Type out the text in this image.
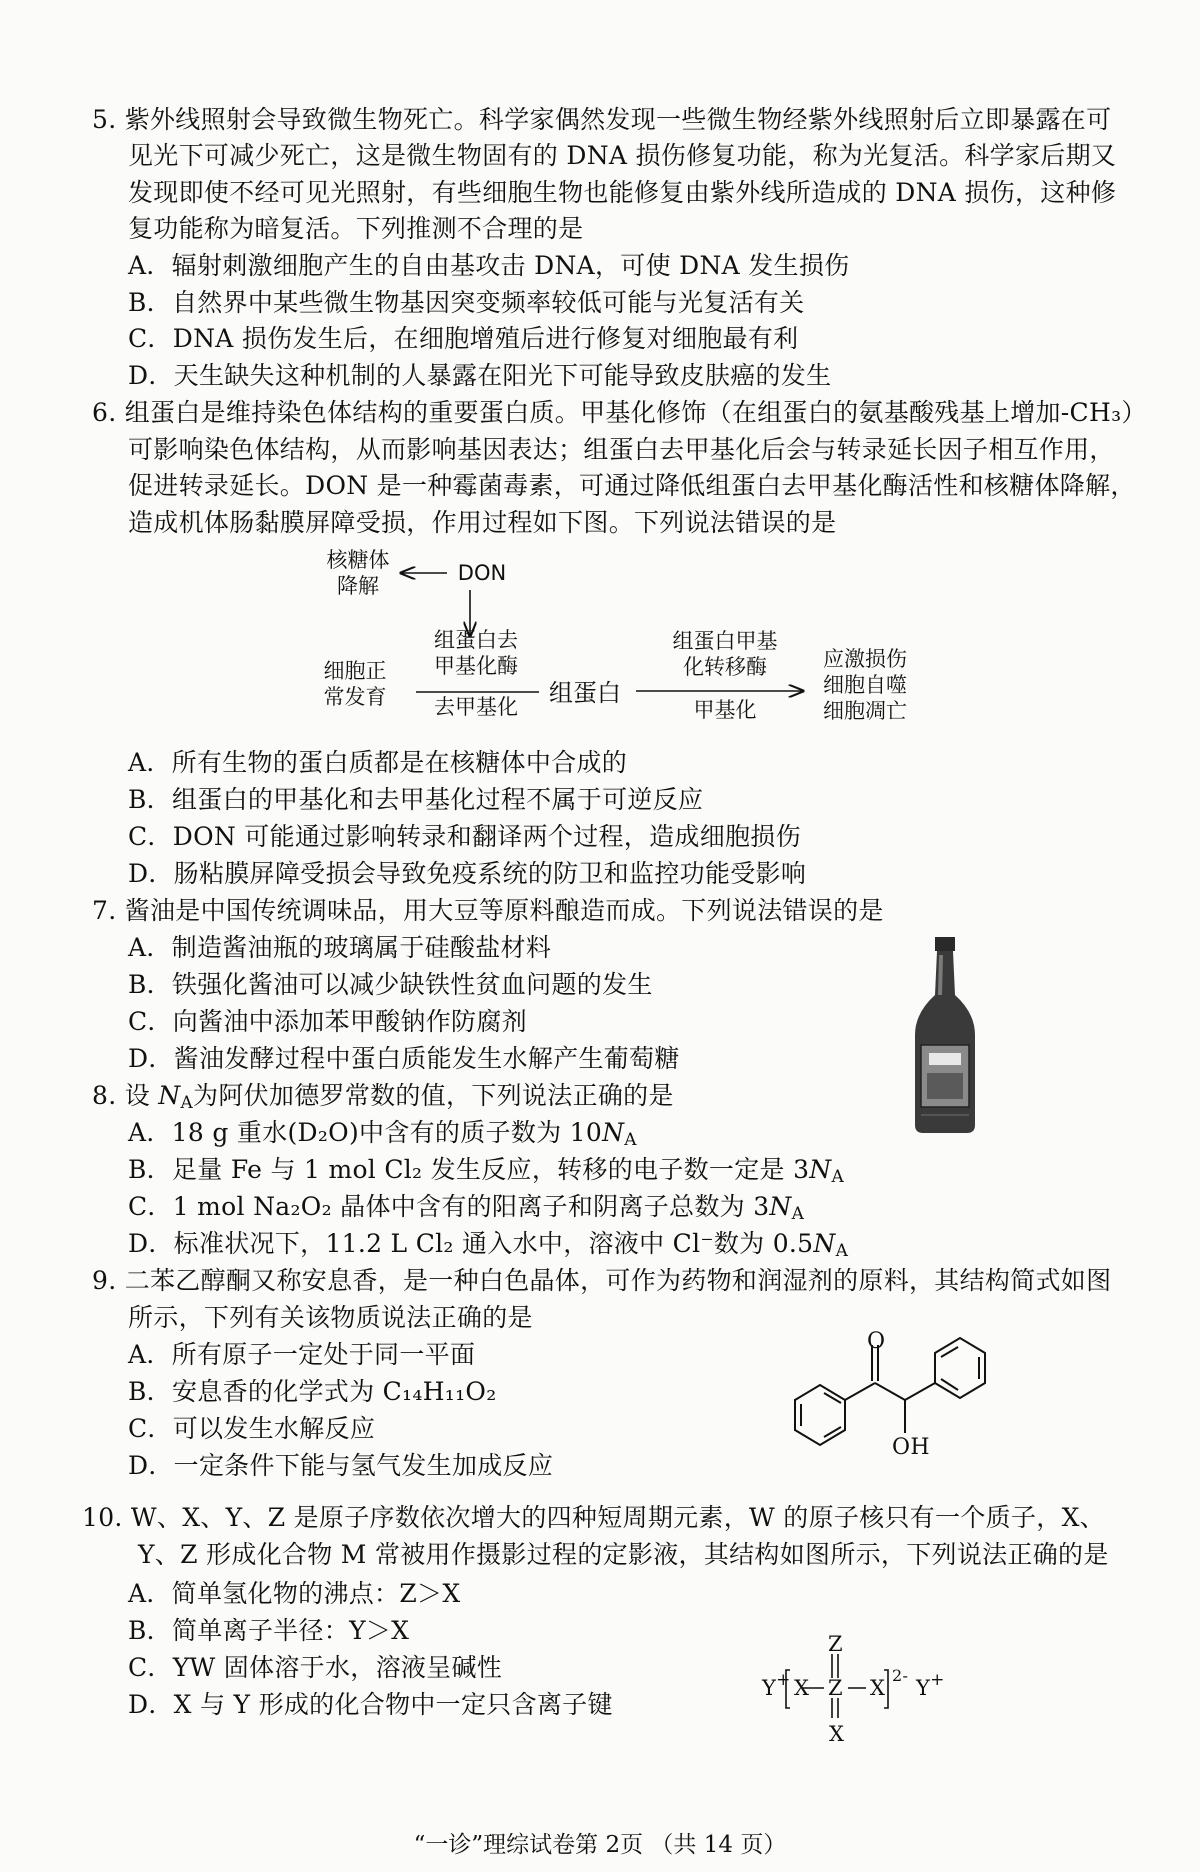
5. 紫外线照射会导致微生物死亡。科学家偶然发现一些微生物经紫外线照射后立即暴露在可
见光下可减少死亡，这是微生物固有的 DNA 损伤修复功能，称为光复活。科学家后期又
发现即使不经可见光照射，有些细胞生物也能修复由紫外线所造成的 DNA 损伤，这种修
复功能称为暗复活。下列推测不合理的是
A．辐射刺激细胞产生的自由基攻击 DNA，可使 DNA 发生损伤
B．自然界中某些微生物基因突变频率较低可能与光复活有关
C．DNA 损伤发生后，在细胞增殖后进行修复对细胞最有利
D．天生缺失这种机制的人暴露在阳光下可能导致皮肤癌的发生
6. 组蛋白是维持染色体结构的重要蛋白质。甲基化修饰（在组蛋白的氨基酸残基上增加-CH₃）
可影响染色体结构，从而影响基因表达；组蛋白去甲基化后会与转录延长因子相互作用，
促进转录延长。DON 是一种霉菌毒素，可通过降低组蛋白去甲基化酶活性和核糖体降解，
造成机体肠黏膜屏障受损，作用过程如下图。下列说法错误的是
核糖体
降解
DON
组蛋白去
甲基化酶
细胞正
常发育	去甲基化	组蛋白
组蛋白甲基
化转移酶
甲基化
应激损伤
细胞自噬
细胞凋亡
A．所有生物的蛋白质都是在核糖体中合成的
B．组蛋白的甲基化和去甲基化过程不属于可逆反应
C．DON 可能通过影响转录和翻译两个过程，造成细胞损伤
D．肠粘膜屏障受损会导致免疫系统的防卫和监控功能受影响
7. 酱油是中国传统调味品，用大豆等原料酿造而成。下列说法错误的是
A．制造酱油瓶的玻璃属于硅酸盐材料
B．铁强化酱油可以减少缺铁性贫血问题的发生
C．向酱油中添加苯甲酸钠作防腐剂
D．酱油发酵过程中蛋白质能发生水解产生葡萄糖
8. 设 $N_A$为阿伏加德罗常数的值，下列说法正确的是
A．18 g 重水(D₂O)中含有的质子数为 $10N_A$
B．足量 Fe 与 1 mol Cl₂ 发生反应，转移的电子数一定是 $3N_A$
C．1 mol Na₂O₂ 晶体中含有的阳离子和阴离子总数为 $3N_A$
D．标准状况下，11.2 L Cl₂ 通入水中，溶液中 Cl⁻数为 $0.5N_A$
9. 二苯乙醇酮又称安息香，是一种白色晶体，可作为药物和润湿剂的原料，其结构简式如图
所示，下列有关该物质说法正确的是
A．所有原子一定处于同一平面
B．安息香的化学式为 C₁₄H₁₁O₂
C．可以发生水解反应
D．一定条件下能与氢气发生加成反应
O
OH
10. W、X、Y、Z 是原子序数依次增大的四种短周期元素，W 的原子核只有一个质子，X、
Y、Z 形成化合物 M 常被用作摄影过程的定影液，其结构如图所示，下列说法正确的是
A．简单氢化物的沸点：Z＞X
B．简单离子半径：Y＞X
C．YW 固体溶于水，溶液呈碱性
D．X 与 Y 形成的化合物中一定只含离子键
Z
Y+ X Z X
2-
Y+
X
“一诊”理综试卷第 2页 （共 14 页）
